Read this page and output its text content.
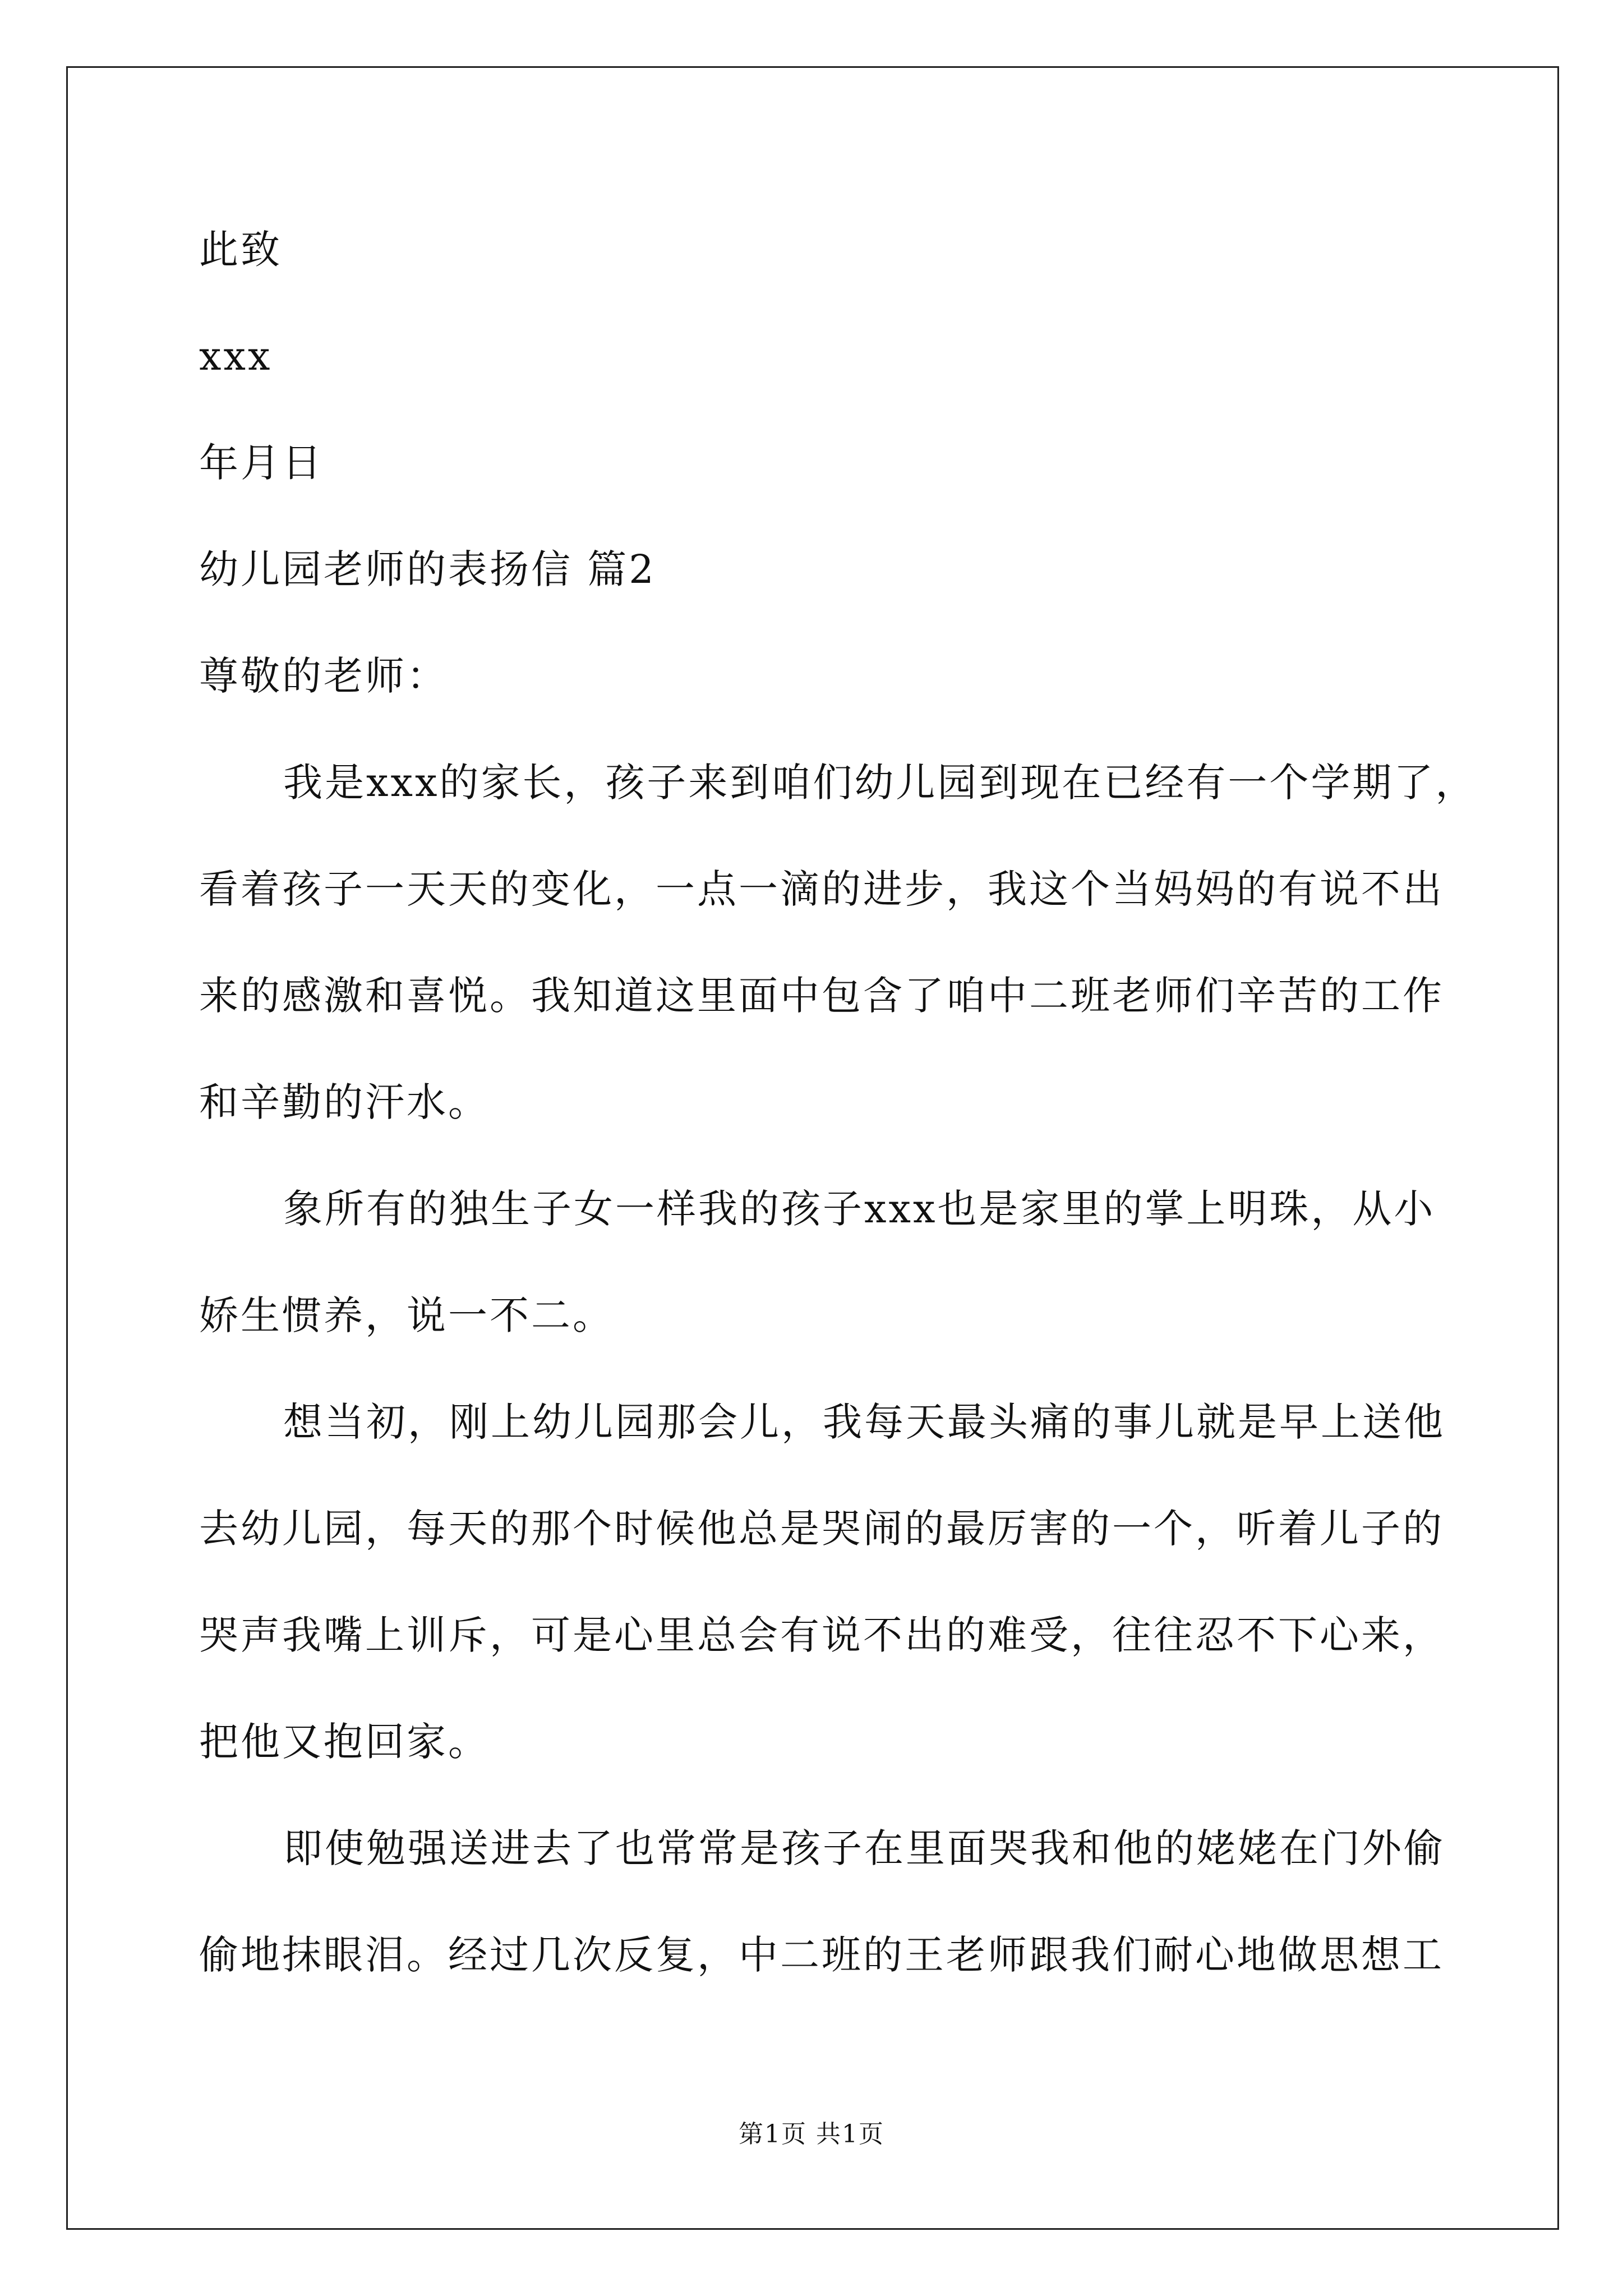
此致
xxx
年月日
幼儿园老师的表扬信 篇2
尊敬的老师：
我是xxx的家长，孩子来到咱们幼儿园到现在已经有一个学期了，
看着孩子一天天的变化，一点一滴的进步，我这个当妈妈的有说不出
来的感激和喜悦。我知道这里面中包含了咱中二班老师们辛苦的工作
和辛勤的汗水。
象所有的独生子女一样我的孩子xxx也是家里的掌上明珠，从小
娇生惯养，说一不二。
想当初，刚上幼儿园那会儿，我每天最头痛的事儿就是早上送他
去幼儿园，每天的那个时候他总是哭闹的最厉害的一个，听着儿子的
哭声我嘴上训斥，可是心里总会有说不出的难受，往往忍不下心来，
把他又抱回家。
即使勉强送进去了也常常是孩子在里面哭我和他的姥姥在门外偷
偷地抹眼泪。经过几次反复，中二班的王老师跟我们耐心地做思想工
第1页 共1页
